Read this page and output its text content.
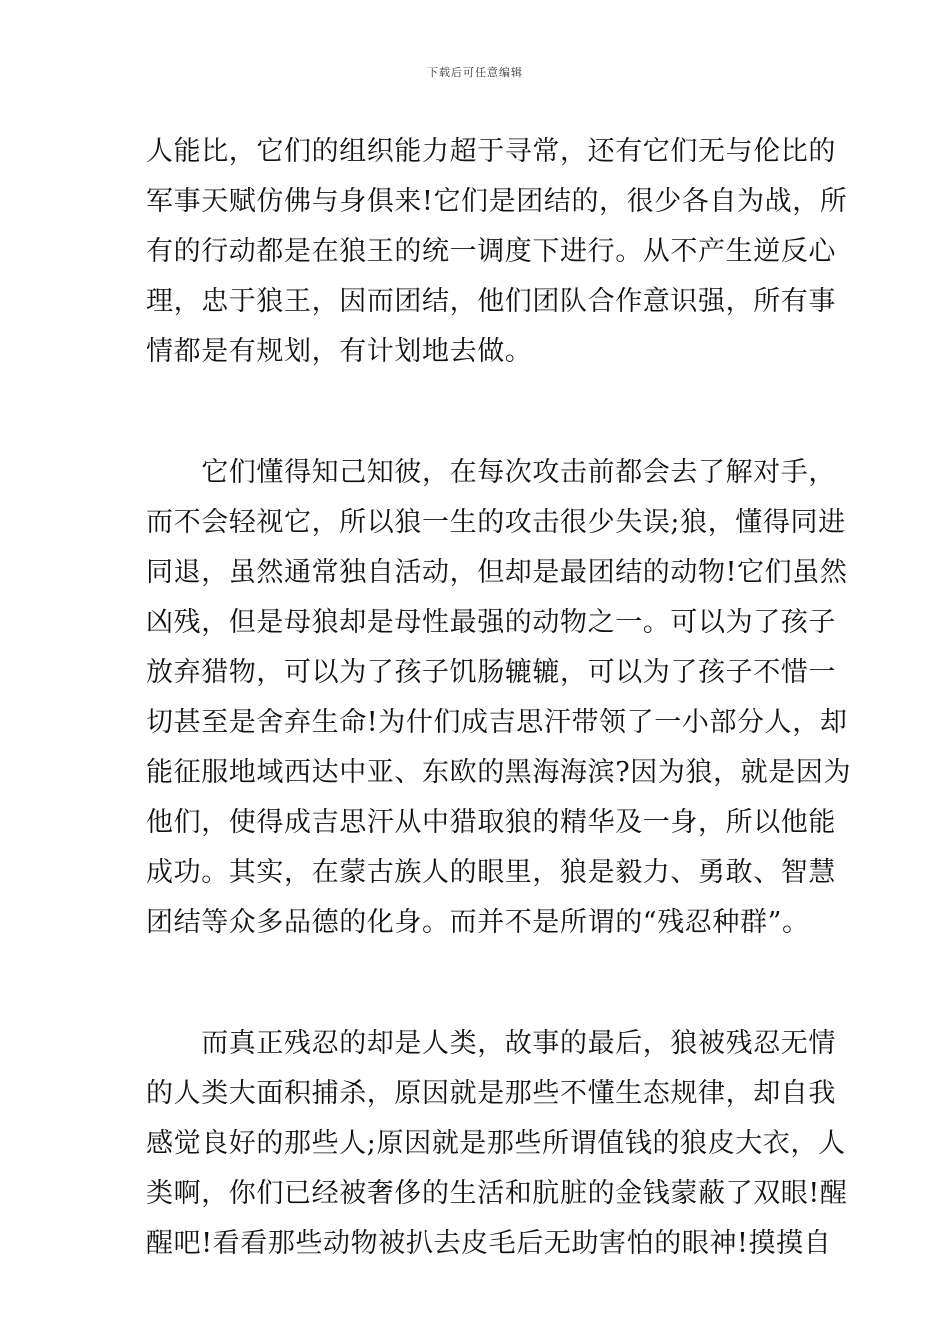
下载后可任意编辑
人能比，它们的组织能力超于寻常，还有它们无与伦比的
军事天赋仿佛与身俱来!它们是团结的，很少各自为战，所
有的行动都是在狼王的统一调度下进行。从不产生逆反心
理，忠于狼王，因而团结，他们团队合作意识强，所有事
情都是有规划，有计划地去做。
　　它们懂得知己知彼，在每次攻击前都会去了解对手，
而不会轻视它，所以狼一生的攻击很少失误;狼，懂得同进
同退，虽然通常独自活动，但却是最团结的动物!它们虽然
凶残，但是母狼却是母性最强的动物之一。可以为了孩子
放弃猎物，可以为了孩子饥肠辘辘，可以为了孩子不惜一
切甚至是舍弃生命!为什们成吉思汗带领了一小部分人，却
能征服地域西达中亚、东欧的黑海海滨?因为狼，就是因为
他们，使得成吉思汗从中猎取狼的精华及一身，所以他能
成功。其实，在蒙古族人的眼里，狼是毅力、勇敢、智慧
团结等众多品德的化身。而并不是所谓的“残忍种群”。
　　而真正残忍的却是人类，故事的最后，狼被残忍无情
的人类大面积捕杀，原因就是那些不懂生态规律，却自我
感觉良好的那些人;原因就是那些所谓值钱的狼皮大衣，人
类啊，你们已经被奢侈的生活和肮脏的金钱蒙蔽了双眼!醒
醒吧!看看那些动物被扒去皮毛后无助害怕的眼神!摸摸自
